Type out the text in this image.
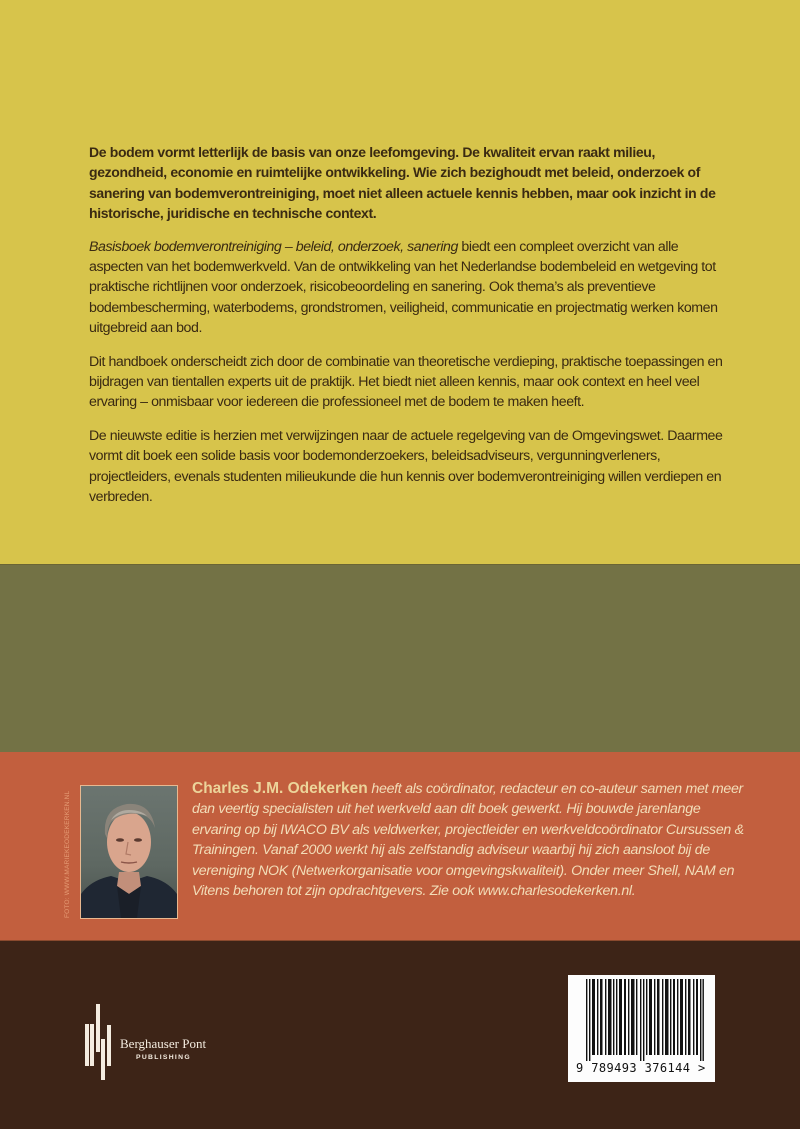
De bodem vormt letterlijk de basis van onze leefomgeving. De kwaliteit ervan raakt milieu, gezondheid, economie en ruimtelijke ontwikkeling. Wie zich bezighoudt met beleid, onderzoek of sanering van bodemverontreiniging, moet niet alleen actuele kennis hebben, maar ook inzicht in de historische, juridische en technische context.

Basisboek bodemverontreiniging – beleid, onderzoek, sanering biedt een compleet overzicht van alle aspecten van het bodemwerkveld. Van de ontwikkeling van het Nederlandse bodembeleid en wetgeving tot praktische richtlijnen voor onderzoek, risicobeoordeling en sanering. Ook thema’s als preventieve bodembescherming, waterbodems, grondstromen, veiligheid, communicatie en projectmatig werken komen uitgebreid aan bod.

Dit handboek onderscheidt zich door de combinatie van theoretische verdieping, praktische toepassingen en bijdragen van tientallen experts uit de praktijk. Het biedt niet alleen kennis, maar ook context en heel veel ervaring – onmisbaar voor iedereen die professioneel met de bodem te maken heeft.

De nieuwste editie is herzien met verwijzingen naar de actuele regelgeving van de Omgevingswet. Daarmee vormt dit boek een solide basis voor bodemonderzoekers, beleidsadviseurs, vergunningverleners, projectleiders, evenals studenten milieukunde die hun kennis over bodemverontreiniging willen verdiepen en verbreden.

FOTO: WWW.MARIEKEODEKERKEN.NL
Charles J.M. Odekerken heeft als coördinator, redacteur en co-auteur samen met meer dan veertig specialisten uit het werkveld aan dit boek gewerkt. Hij bouwde jarenlange ervaring op bij IWACO BV als veldwerker, projectleider en werkveldcoördinator Cursussen & Trainingen. Vanaf 2000 werkt hij als zelfstandig adviseur waarbij hij zich aansloot bij de vereniging NOK (Netwerkorganisatie voor omgevingskwaliteit). Onder meer Shell, NAM en Vitens behoren tot zijn opdrachtgevers. Zie ook www.charlesodekerken.nl.
Berghauser Pont
PUBLISHING
9 789493 376144 >
